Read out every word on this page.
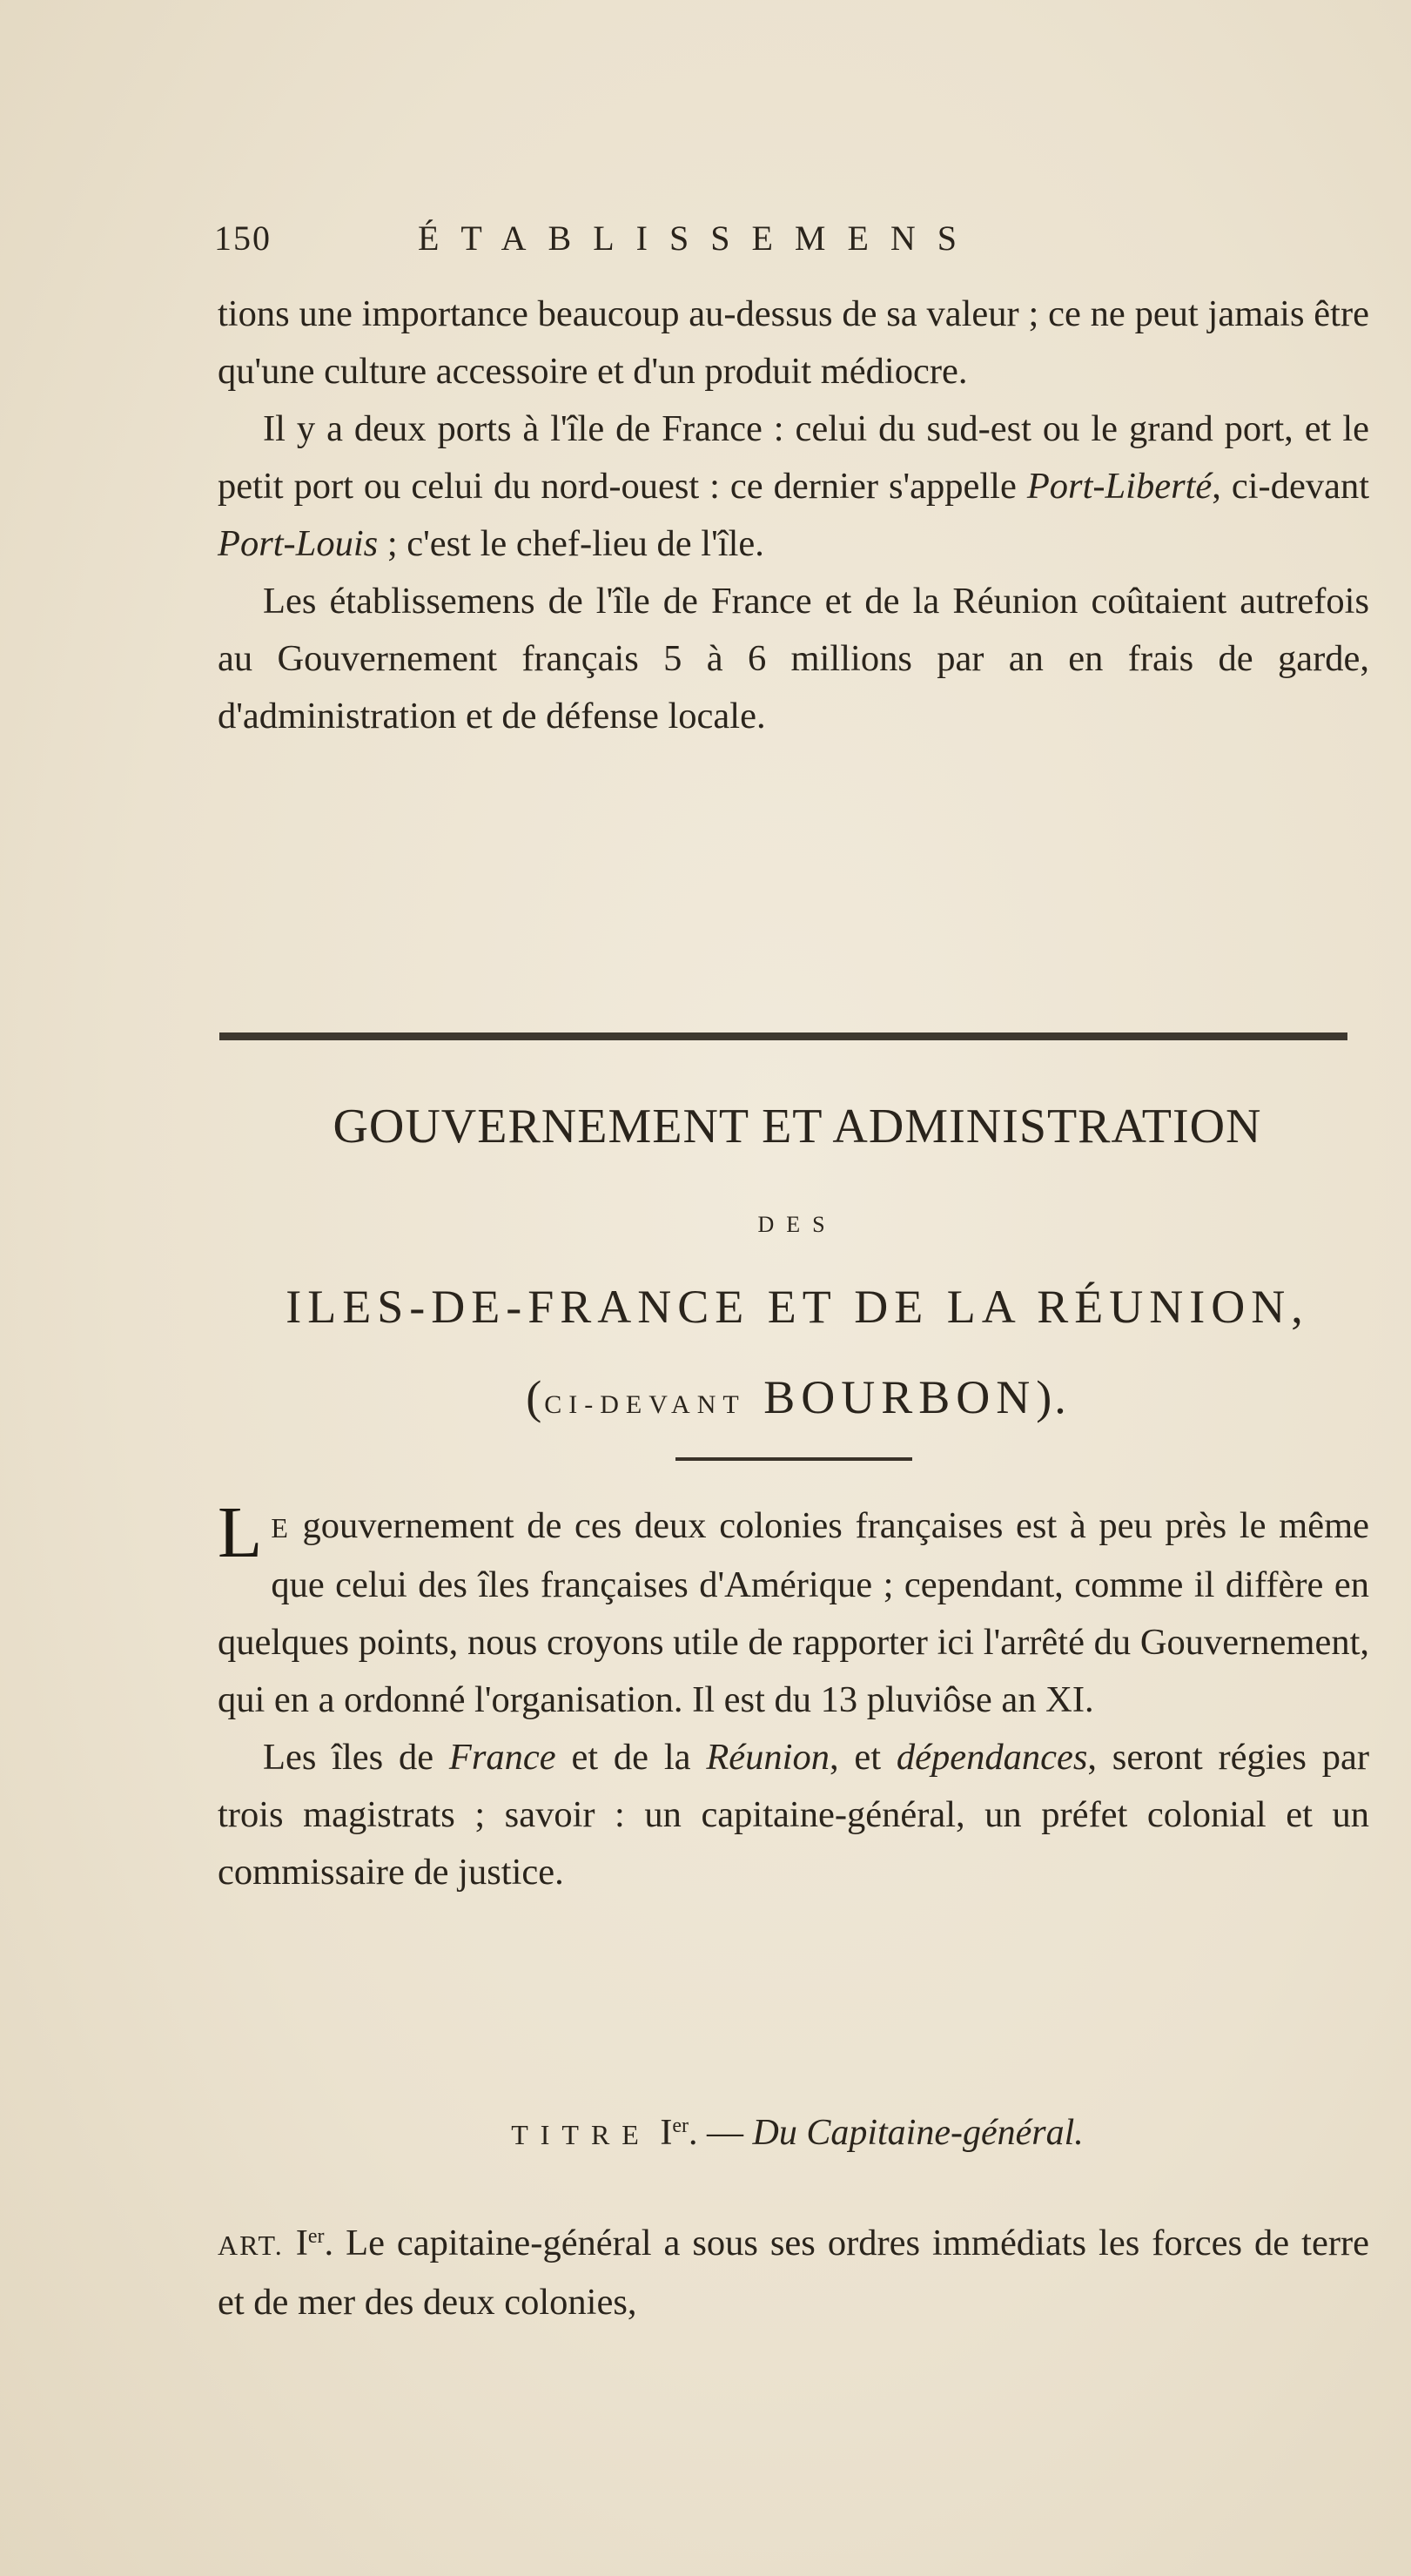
150	ÉTABLISSEMENS

tions une importance beaucoup au-dessus de sa valeur ; ce ne peut jamais être qu'une culture accessoire et d'un produit médiocre.

Il y a deux ports à l'île de France : celui du sud-est ou le grand port, et le petit port ou celui du nord-ouest : ce dernier s'appelle Port-Liberté, ci-devant Port-Louis ; c'est le chef-lieu de l'île.

Les établissemens de l'île de France et de la Réunion coûtaient autrefois au Gouvernement français 5 à 6 millions par an en frais de garde, d'administration et de défense locale.

GOUVERNEMENT ET ADMINISTRATION
DES
ILES-DE-FRANCE ET DE LA RÉUNION,
(CI-DEVANT BOURBON).

L E gouvernement de ces deux colonies françaises est à peu près le même que celui des îles françaises d'Amérique ; cependant, comme il diffère en quelques points, nous croyons utile de rapporter ici l'arrêté du Gouvernement, qui en a ordonné l'organisation. Il est du 13 pluviôse an XI.

Les îles de France et de la Réunion, et dépendances, seront régies par trois magistrats ; savoir : un capitaine-général, un préfet colonial et un commissaire de justice.

TITRE Ier. — Du Capitaine-général.

ART. Ier. Le capitaine-général a sous ses ordres immédiats les forces de terre et de mer des deux colonies,
